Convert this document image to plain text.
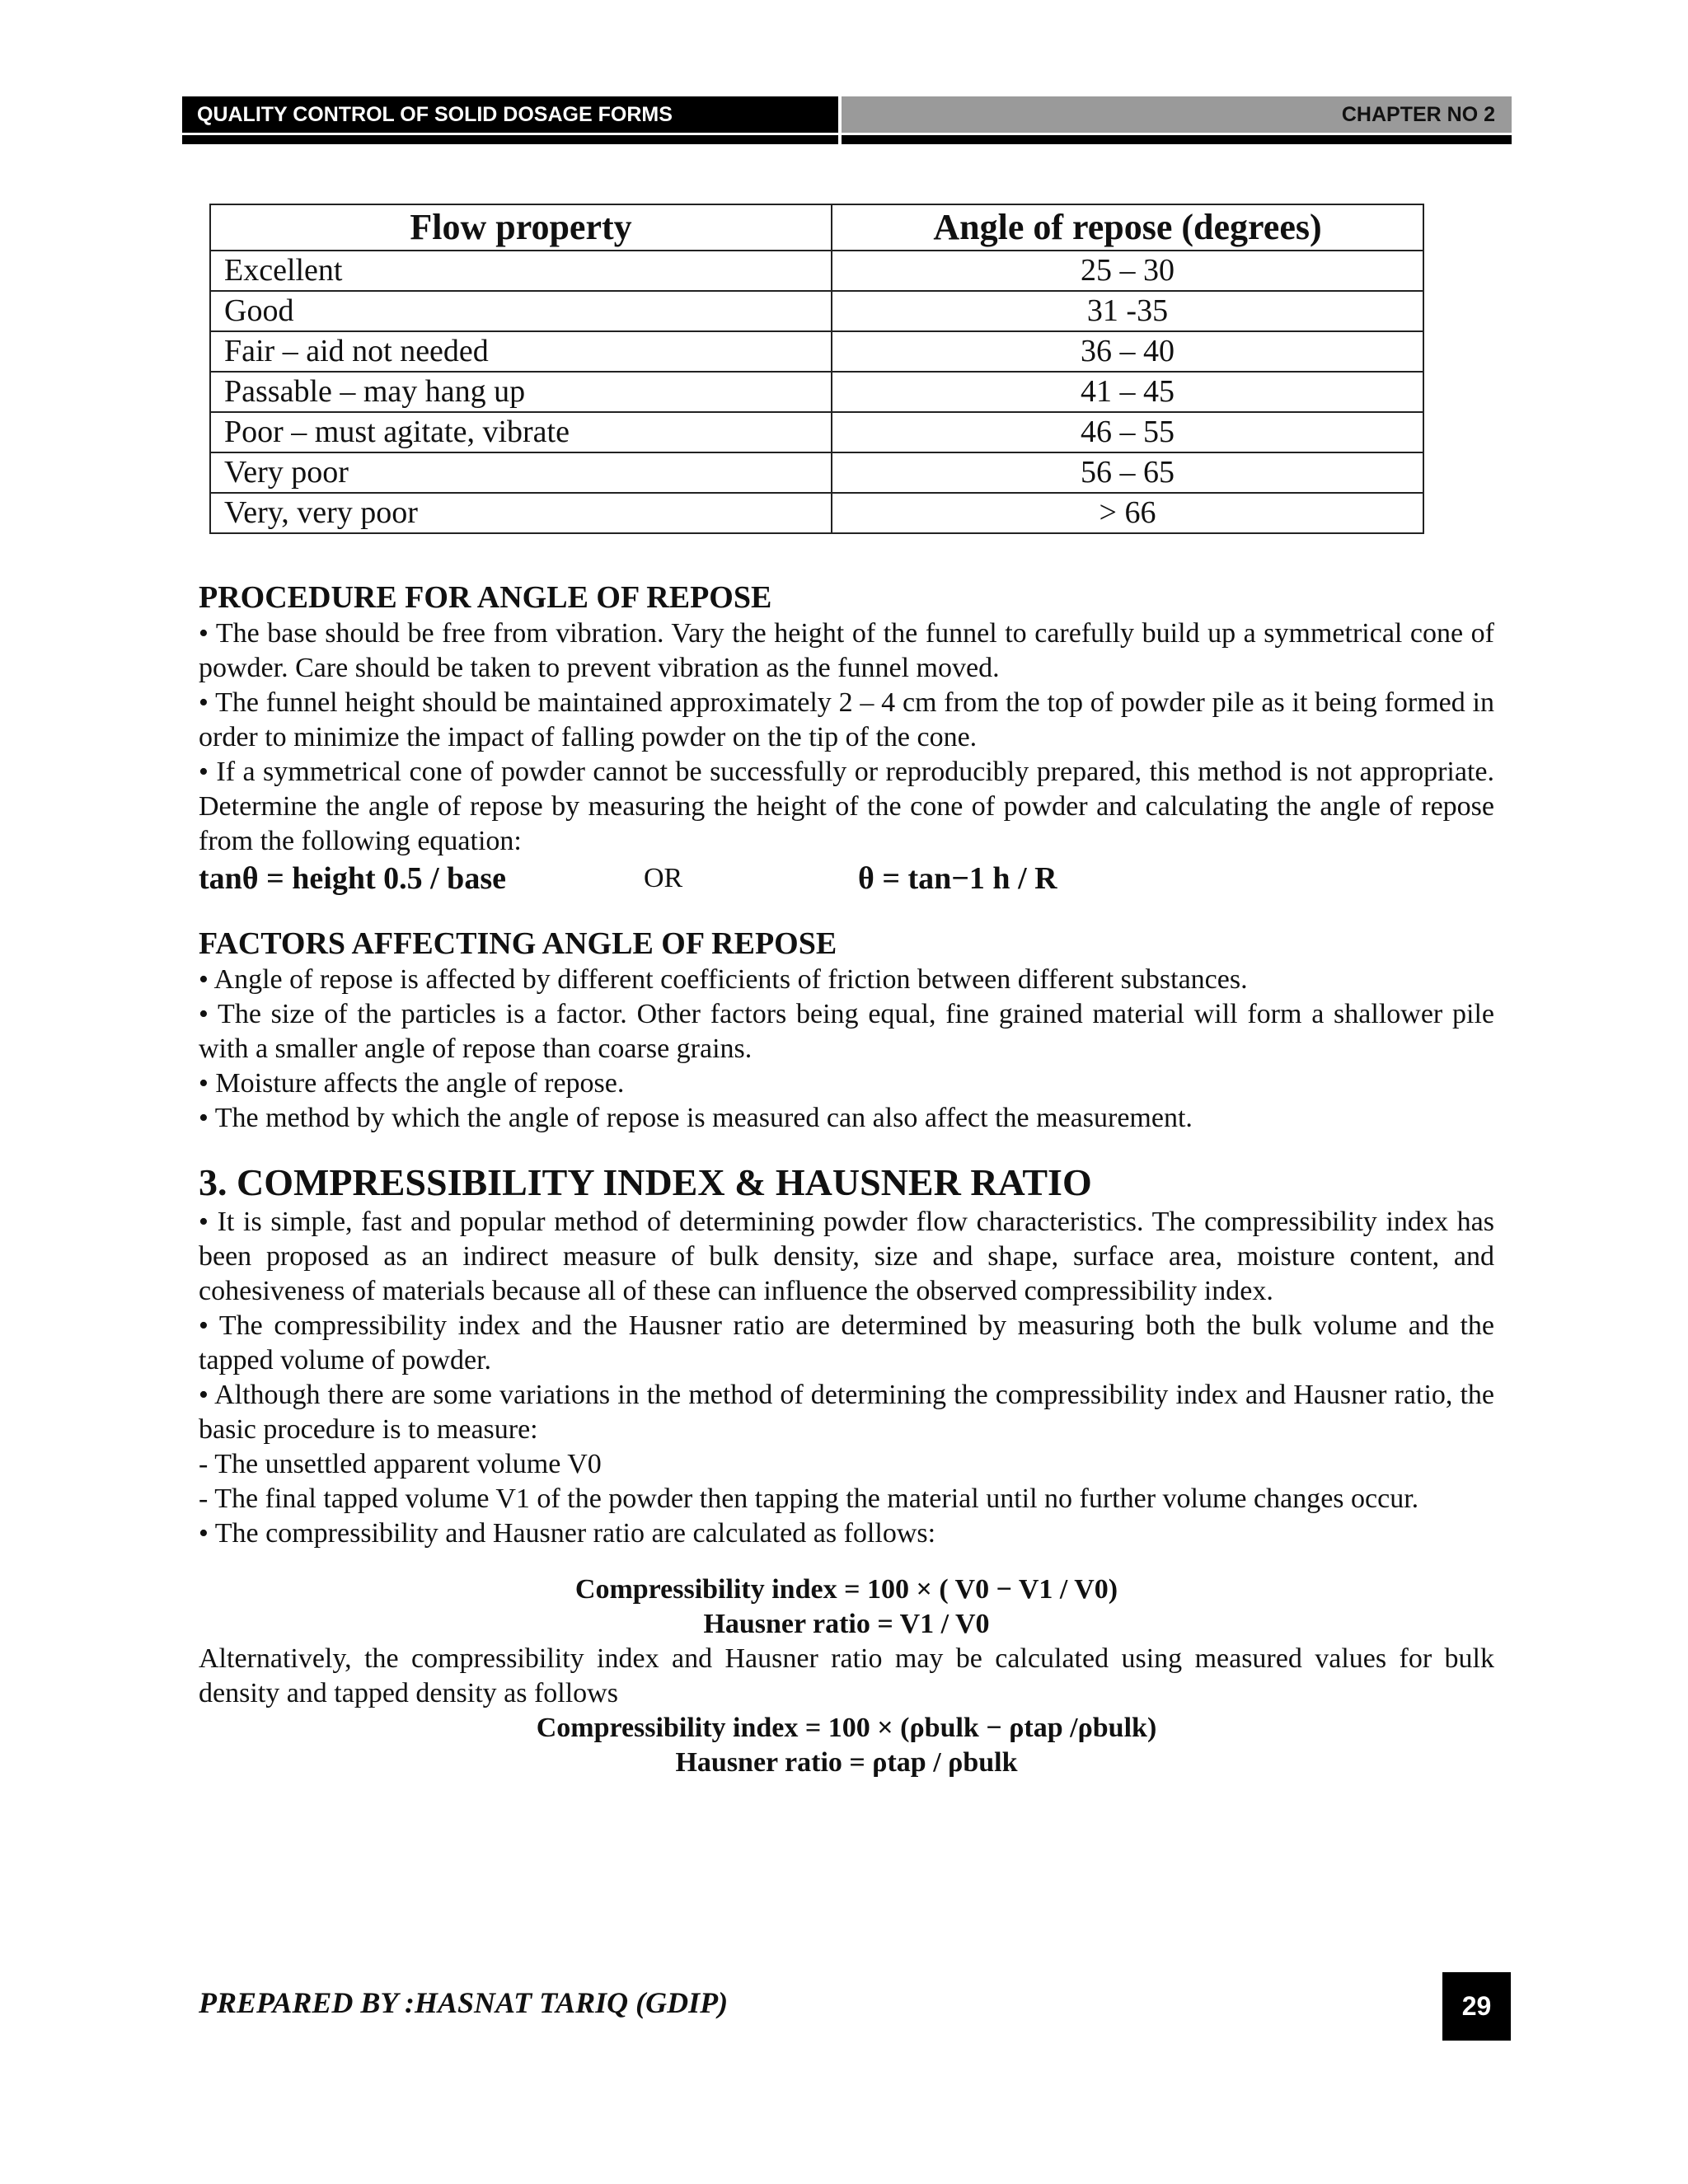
QUALITY CONTROL OF SOLID DOSAGE FORMS	CHAPTER NO 2
Flow property	Angle of repose (degrees)
Excellent	25 – 30
Good	31 -35
Fair – aid not needed	36 – 40
Passable – may hang up	41 – 45
Poor – must agitate, vibrate	46 – 55
Very poor	56 – 65
Very, very poor	> 66
PROCEDURE FOR ANGLE OF REPOSE

• The base should be free from vibration. Vary the height of the funnel to carefully build up a symmetrical cone of powder. Care should be taken to prevent vibration as the funnel moved.

• The funnel height should be maintained approximately 2 – 4 cm from the top of powder pile as it being formed in order to minimize the impact of falling powder on the tip of the cone.

• If a symmetrical cone of powder cannot be successfully or reproducibly prepared, this method is not appropriate. Determine the angle of repose by measuring the height of the cone of powder and calculating the angle of repose from the following equation:

tanθ = height 0.5 / base	OR	θ = tan−1 h / R
FACTORS AFFECTING ANGLE OF REPOSE

• Angle of repose is affected by different coefficients of friction between different substances.

• The size of the particles is a factor. Other factors being equal, fine grained material will form a shallower pile with a smaller angle of repose than coarse grains.

• Moisture affects the angle of repose.

• The method by which the angle of repose is measured can also affect the measurement.

3. COMPRESSIBILITY INDEX & HAUSNER RATIO

• It is simple, fast and popular method of determining powder flow characteristics. The compressibility index has been proposed as an indirect measure of bulk density, size and shape, surface area, moisture content, and cohesiveness of materials because all of these can influence the observed compressibility index.

• The compressibility index and the Hausner ratio are determined by measuring both the bulk volume and the tapped volume of powder.

• Although there are some variations in the method of determining the compressibility index and Hausner ratio, the basic procedure is to measure:

- The unsettled apparent volume V0

- The final tapped volume V1 of the powder then tapping the material until no further volume changes occur.

• The compressibility and Hausner ratio are calculated as follows:

Compressibility index = 100 × ( V0 − V1 / V0)

Hausner ratio = V1 / V0

Alternatively, the compressibility index and Hausner ratio may be calculated using measured values for bulk density and tapped density as follows

Compressibility index = 100 × (ρbulk − ρtap /ρbulk)

Hausner ratio = ρtap / ρbulk

PREPARED BY :HASNAT TARIQ (GDIP)	29
